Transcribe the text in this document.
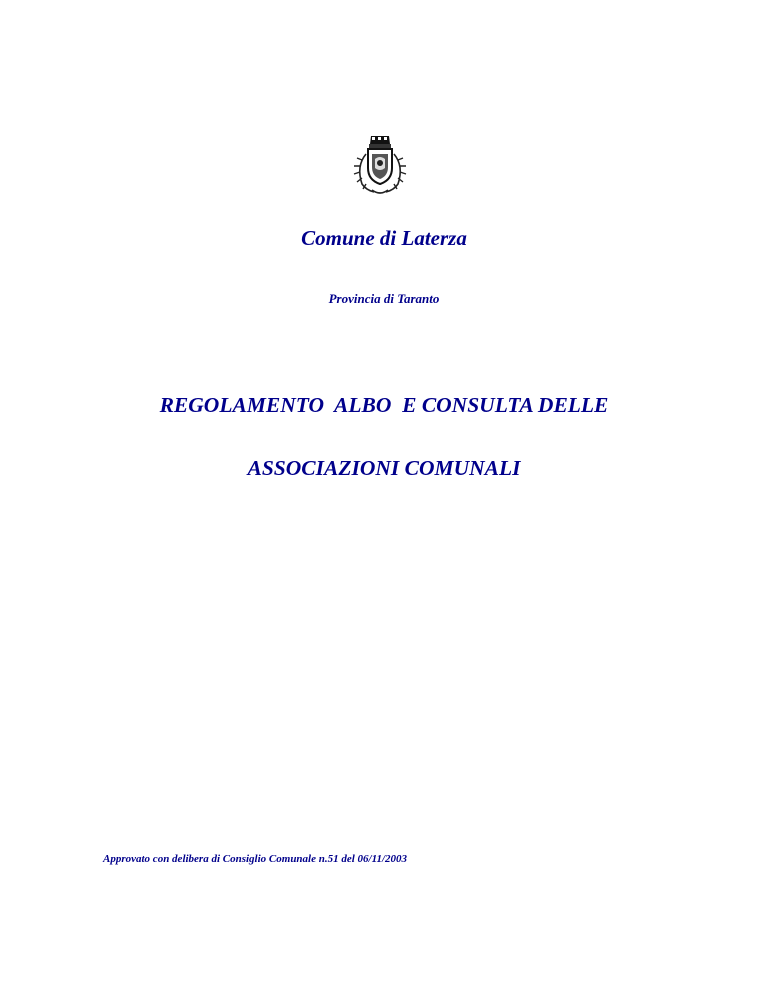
Comune di Laterza
Provincia di Taranto
REGOLAMENTO  ALBO  E CONSULTA DELLE
ASSOCIAZIONI COMUNALI
Approvato con delibera di Consiglio Comunale n.51 del 06/11/2003
